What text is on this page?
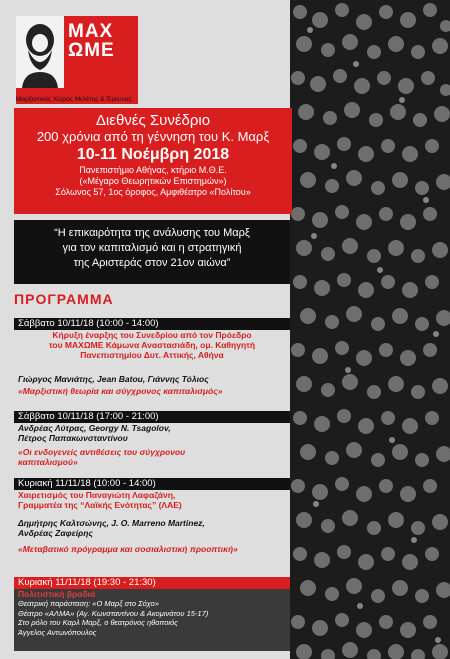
ΜΑΧ
ΩΜΕ
Μαρξιστικός Χώρος Μελέτης & Έρευνας
Διεθνές Συνέδριο
200 χρόνια από τη γέννηση του Κ. Μαρξ
10-11 Νοέμβρη 2018
Πανεπιστήμιο Αθήνας, κτήριο Μ.Θ.Ε.
(«Μέγαρο Θεωρητικών Επιστημών»)
Σόλωνος 57, 1ος όροφος, Αμφιθέατρο «Πολίτου»
“Η επικαιρότητα της ανάλυσης του Μαρξ
για τον καπιταλισμό και η στρατηγική
της Αριστεράς στον 21ον αιώνα”
ΠΡΟΓΡΑΜΜΑ
Σάββατο 10/11/18 (10:00 - 14:00)
Κήρυξη έναρξης του Συνεδρίου από τον Πρόεδρο
του ΜΑΧΩΜΕ Κάμωνα Αναστασιάδη, ομ. Καθηγητή
Πανεπιστημίου Δυτ. Αττικής, Αθήνα
Γιώργος Μανιάτης, Jean Batou, Γιάννης Τόλιος
«Μαρξιστική θεωρία και σύγχρονος καπιταλισμός»
Σάββατο 10/11/18 (17:00 - 21:00)
Ανδρέας Λύτρας, Georgy N. Tsagolov,
Πέτρος Παπακωνσταντίνου
«Οι ενδογενείς αντιθέσεις του σύγχρονου
καπιταλισμού»
Κυριακή 11/11/18 (10:00 - 14:00)
Χαιρετισμός του Παναγιώτη Λαφαζάνη,
Γραμματέα της “Λαϊκής Ενότητας” (ΛΑΕ)
Δημήτρης Καλτσώνης, J. O. Marreno Martinez,
Ανδρέας Ζαφείρης
«Μεταβατικό πρόγραμμα και σοσιαλιστική προοπτική»
Κυριακή 11/11/18 (19:30 - 21:30)
Πολιτιστική βραδιά
Θεατρική παράσταση: «Ο Μαρξ στο Σόχο»
Θέατρο «ΑΛΜΑ» (Αγ. Κωνσταντίνου & Ακομινάτου 15-17)
Στο ρόλο του Καρλ Μαρξ, ο θεατρόνος ηθοποιός
Άγγελος Αντωνόπουλος
